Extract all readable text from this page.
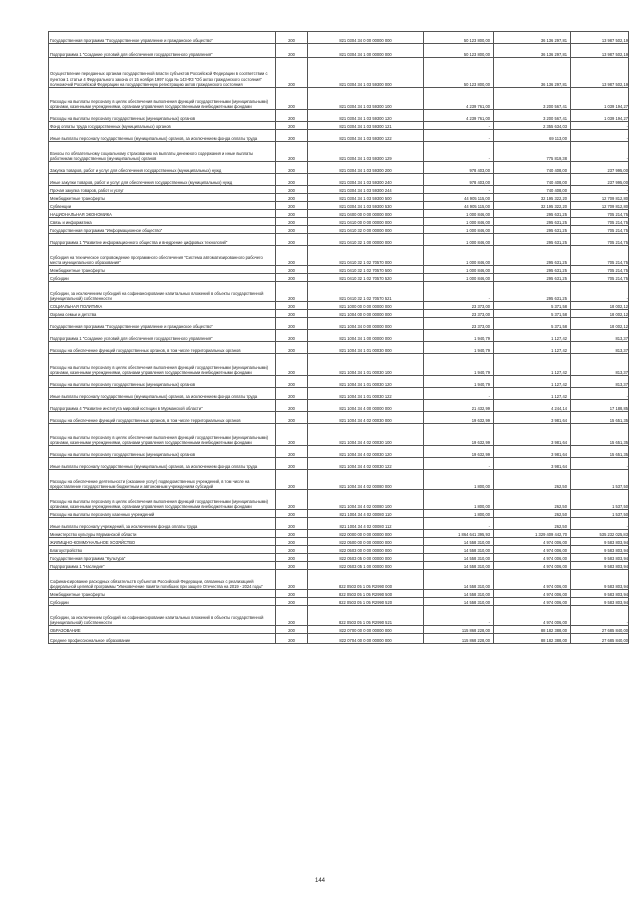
Государственная программа "Государственное управление и гражданское общество"	200	821 0304 34 0 00 00000 000	50 123 800,00	36 136 297,81	13 987 502,19
Подпрограмма 1 "Создание условий для обеспечения государственного управления"	200	821 0304 34 1 00 00000 000	50 123 800,00	36 136 297,81	13 987 502,19
Осуществление переданных органам государственной власти субъектов Российской Федерации в соответствии с пунктом 1 статьи 4 Федерального закона от 15 ноября 1997 года № 143-ФЗ "Об актах гражданского состояния" полномочий Российской Федерации на государственную регистрацию актов гражданского состояния	200	821 0304 34 1 03 59300 000	50 123 800,00	36 136 297,81	13 987 502,19
Расходы на выплаты персоналу в целях обеспечения выполнения функций государственными (муниципальными) органами, казенными учреждениями, органами управления государственными внебюджетными фондами	200	821 0304 34 1 03 59300 100	4 239 761,00	3 200 567,41	1 039 194,27
Расходы на выплаты персоналу государственных (муниципальных) органов	200	821 0304 34 1 03 59300 120	4 239 761,00	3 200 567,41	1 039 194,27
Фонд оплаты труда государственных (муниципальных) органов	200	821 0304 34 1 03 59300 121	-	2 355 634,03	-
Иные выплаты персоналу государственных (муниципальных) органов, за исключением фонда оплаты труда	200	821 0304 34 1 03 59300 122	-	69 113,00	-
Взносы по обязательному социальному страхованию на выплаты денежного содержания и иные выплаты работникам государственных (муниципальных) органов	200	821 0304 34 1 03 59300 129	-	775 819,38	-
Закупка товаров, работ и услуг для обеспечения государственных (муниципальных) нужд	200	821 0304 34 1 03 59300 200	978 403,00	740 408,00	237 995,00
Иные закупки товаров, работ и услуг для обеспечения государственных (муниципальных) нужд	200	821 0304 34 1 03 59300 240	978 403,00	740 408,00	237 995,00
Прочая закупка товаров, работ и услуг	200	821 0304 34 1 03 59300 244	-	740 408,00	-
Межбюджетные трансферты	200	821 0304 34 1 03 59300 500	44 905 115,00	32 195 322,20	12 709 812,80
Субвенции	200	821 0304 34 1 03 59300 530	44 905 115,00	32 195 322,20	12 709 812,80
НАЦИОНАЛЬНАЯ ЭКОНОМИКА	200	821 0400 00 0 00 00000 000	1 000 846,00	295 631,25	705 214,75
Связь и информатика	200	821 0410 00 0 00 00000 000	1 000 846,00	295 631,25	705 214,75
Государственная программа "Информационное общество"	200	821 0410 32 0 00 00000 000	1 000 846,00	295 631,25	705 214,75
Подпрограмма 1 "Развитие информационного общества и внедрение цифровых технологий"	200	821 0410 32 1 00 00000 000	1 000 846,00	295 631,25	705 214,75
Субсидия на техническое сопровождение программного обеспечения "Система автоматизированного рабочего места муниципального образования"	200	821 0410 32 1 02 70570 000	1 000 846,00	295 631,25	705 214,75
Межбюджетные трансферты	200	821 0410 32 1 02 70570 500	1 000 846,00	295 631,25	705 214,75
Субсидии	200	821 0410 32 1 02 70570 520	1 000 846,00	295 631,25	705 214,75
Субсидии, за исключением субсидий на софинансирование капитальных вложений в объекты государственной (муниципальной) собственности	200	821 0410 32 1 02 70570 521	-	295 631,25	-
СОЦИАЛЬНАЯ ПОЛИТИКА	200	821 1000 00 0 00 00000 000	23 373,00	5 371,58	18 002,12
Охрана семьи и детства	200	821 1004 00 0 00 00000 000	23 373,00	5 371,58	18 002,12
Государственная программа "Государственное управление и гражданское общество"	200	821 1004 34 0 00 00000 000	23 373,00	5 371,58	18 002,12
Подпрограмма 1 "Создание условий для обеспечения государственного управления"	200	821 1004 34 1 00 00000 000	1 940,79	1 127,42	813,37
Расходы на обеспечение функций государственных органов, в том числе территориальных органов	200	821 1004 34 1 01 00030 000	1 940,79	1 127,42	813,37
Расходы на выплаты персоналу в целях обеспечения выполнения функций государственными (муниципальными) органами, казенными учреждениями, органами управления государственными внебюджетными фондами	200	821 1004 34 1 01 00030 100	1 940,79	1 127,42	813,37
Расходы на выплаты персоналу государственных (муниципальных) органов	200	821 1004 34 1 01 00030 120	1 940,79	1 127,42	813,37
Иные выплаты персоналу государственных (муниципальных) органов, за исключением фонда оплаты труда	200	821 1004 34 1 01 00030 122	-	1 127,42	-
Подпрограмма 4 "Развитие института мировой юстиции в Мурманской области"	200	821 1004 34 4 00 00000 000	21 432,99	4 244,14	17 188,85
Расходы на обеспечение функций государственных органов, в том числе территориальных органов	200	821 1004 34 4 02 00030 000	19 632,99	3 981,64	15 651,35
Расходы на выплаты персоналу в целях обеспечения выполнения функций государственными (муниципальными) органами, казенными учреждениями, органами управления государственными внебюджетными фондами	200	821 1004 34 4 02 00030 100	19 632,99	3 981,64	15 651,35
Расходы на выплаты персоналу государственных (муниципальных) органов	200	821 1004 34 4 02 00030 120	19 632,99	3 981,64	15 651,35
Иные выплаты персоналу государственных (муниципальных) органов, за исключением фонда оплаты труда	200	821 1004 34 4 02 00030 122	-	3 981,64	-
Расходы на обеспечение деятельности (оказание услуг) подведомственных учреждений, в том числе на предоставление государственным бюджетным и автономным учреждениям субсидий	200	821 1004 34 4 02 00080 000	1 800,00	262,50	1 537,50
Расходы на выплаты персоналу в целях обеспечения выполнения функций государственными (муниципальными) органами, казенными учреждениями, органами управления государственными внебюджетными фондами	200	821 1004 34 4 02 00080 100	1 800,00	262,50	1 537,50
Расходы на выплаты персоналу казенных учреждений	200	821 1004 34 4 02 00080 110	1 800,00	262,50	1 537,50
Иные выплаты персоналу учреждений, за исключением фонда оплаты труда	200	821 1004 34 4 02 00080 112	-	262,50	-
Министерство культуры Мурманской области	200	822 0000 00 0 00 00000 000	1 864 641 395,93	1 329 409 442,70	535 232 025,83
ЖИЛИЩНО-КОММУНАЛЬНОЕ ХОЗЯЙСТВО	200	822 0500 00 0 00 00000 000	14 558 310,00	4 974 006,00	9 583 803,94
Благоустройство	200	822 0503 00 0 00 00000 000	14 558 310,00	4 974 006,00	9 583 803,94
Государственная программа "Культура"	200	822 0503 05 0 00 00000 000	14 558 310,00	4 974 006,00	9 583 803,94
Подпрограмма 1 "Наследие"	200	822 0503 05 1 00 00000 000	14 558 310,00	4 974 006,00	9 583 803,94
Софинансирование расходных обязательств субъектов Российской Федерации, связанных с реализацией федеральной целевой программы "Увековечение памяти погибших при защите Отечества на 2019 - 2024 годы"	200	822 0503 05 1 05 R2990 000	14 558 310,00	4 974 006,00	9 583 803,94
Межбюджетные трансферты	200	822 0503 05 1 05 R2990 500	14 558 310,00	4 974 006,00	9 583 803,94
Субсидии	200	822 0503 05 1 05 R2990 520	14 558 310,00	4 974 006,00	9 583 803,94
Субсидии, за исключением субсидий на софинансирование капитальных вложений в объекты государственной (муниципальной) собственности	200	822 0503 05 1 05 R2990 521	-	4 974 006,00	-
ОБРАЗОВАНИЕ	200	822 0700 00 0 00 00000 000	115 868 228,00	88 182 388,00	27 685 840,00
Среднее профессиональное образование	200	822 0704 00 0 00 00000 000	115 868 228,00	88 182 388,00	27 685 840,00
144
